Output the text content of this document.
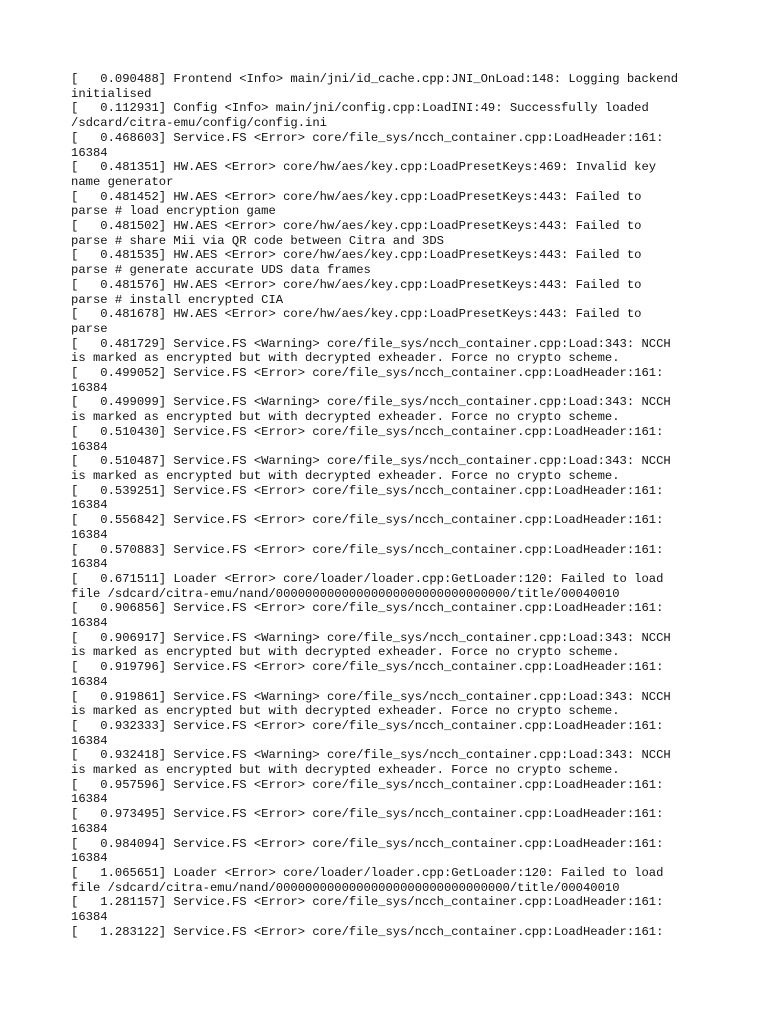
[   0.090488] Frontend <Info> main/jni/id_cache.cpp:JNI_OnLoad:148: Logging backend
initialised
[   0.112931] Config <Info> main/jni/config.cpp:LoadINI:49: Successfully loaded
/sdcard/citra-emu/config/config.ini
[   0.468603] Service.FS <Error> core/file_sys/ncch_container.cpp:LoadHeader:161:
16384
[   0.481351] HW.AES <Error> core/hw/aes/key.cpp:LoadPresetKeys:469: Invalid key
name generator
[   0.481452] HW.AES <Error> core/hw/aes/key.cpp:LoadPresetKeys:443: Failed to
parse # load encryption game
[   0.481502] HW.AES <Error> core/hw/aes/key.cpp:LoadPresetKeys:443: Failed to
parse # share Mii via QR code between Citra and 3DS
[   0.481535] HW.AES <Error> core/hw/aes/key.cpp:LoadPresetKeys:443: Failed to
parse # generate accurate UDS data frames
[   0.481576] HW.AES <Error> core/hw/aes/key.cpp:LoadPresetKeys:443: Failed to
parse # install encrypted CIA
[   0.481678] HW.AES <Error> core/hw/aes/key.cpp:LoadPresetKeys:443: Failed to
parse
[   0.481729] Service.FS <Warning> core/file_sys/ncch_container.cpp:Load:343: NCCH
is marked as encrypted but with decrypted exheader. Force no crypto scheme.
[   0.499052] Service.FS <Error> core/file_sys/ncch_container.cpp:LoadHeader:161:
16384
[   0.499099] Service.FS <Warning> core/file_sys/ncch_container.cpp:Load:343: NCCH
is marked as encrypted but with decrypted exheader. Force no crypto scheme.
[   0.510430] Service.FS <Error> core/file_sys/ncch_container.cpp:LoadHeader:161:
16384
[   0.510487] Service.FS <Warning> core/file_sys/ncch_container.cpp:Load:343: NCCH
is marked as encrypted but with decrypted exheader. Force no crypto scheme.
[   0.539251] Service.FS <Error> core/file_sys/ncch_container.cpp:LoadHeader:161:
16384
[   0.556842] Service.FS <Error> core/file_sys/ncch_container.cpp:LoadHeader:161:
16384
[   0.570883] Service.FS <Error> core/file_sys/ncch_container.cpp:LoadHeader:161:
16384
[   0.671511] Loader <Error> core/loader/loader.cpp:GetLoader:120: Failed to load
file /sdcard/citra-emu/nand/00000000000000000000000000000000/title/00040010
[   0.906856] Service.FS <Error> core/file_sys/ncch_container.cpp:LoadHeader:161:
16384
[   0.906917] Service.FS <Warning> core/file_sys/ncch_container.cpp:Load:343: NCCH
is marked as encrypted but with decrypted exheader. Force no crypto scheme.
[   0.919796] Service.FS <Error> core/file_sys/ncch_container.cpp:LoadHeader:161:
16384
[   0.919861] Service.FS <Warning> core/file_sys/ncch_container.cpp:Load:343: NCCH
is marked as encrypted but with decrypted exheader. Force no crypto scheme.
[   0.932333] Service.FS <Error> core/file_sys/ncch_container.cpp:LoadHeader:161:
16384
[   0.932418] Service.FS <Warning> core/file_sys/ncch_container.cpp:Load:343: NCCH
is marked as encrypted but with decrypted exheader. Force no crypto scheme.
[   0.957596] Service.FS <Error> core/file_sys/ncch_container.cpp:LoadHeader:161:
16384
[   0.973495] Service.FS <Error> core/file_sys/ncch_container.cpp:LoadHeader:161:
16384
[   0.984094] Service.FS <Error> core/file_sys/ncch_container.cpp:LoadHeader:161:
16384
[   1.065651] Loader <Error> core/loader/loader.cpp:GetLoader:120: Failed to load
file /sdcard/citra-emu/nand/00000000000000000000000000000000/title/00040010
[   1.281157] Service.FS <Error> core/file_sys/ncch_container.cpp:LoadHeader:161:
16384
[   1.283122] Service.FS <Error> core/file_sys/ncch_container.cpp:LoadHeader:161:
